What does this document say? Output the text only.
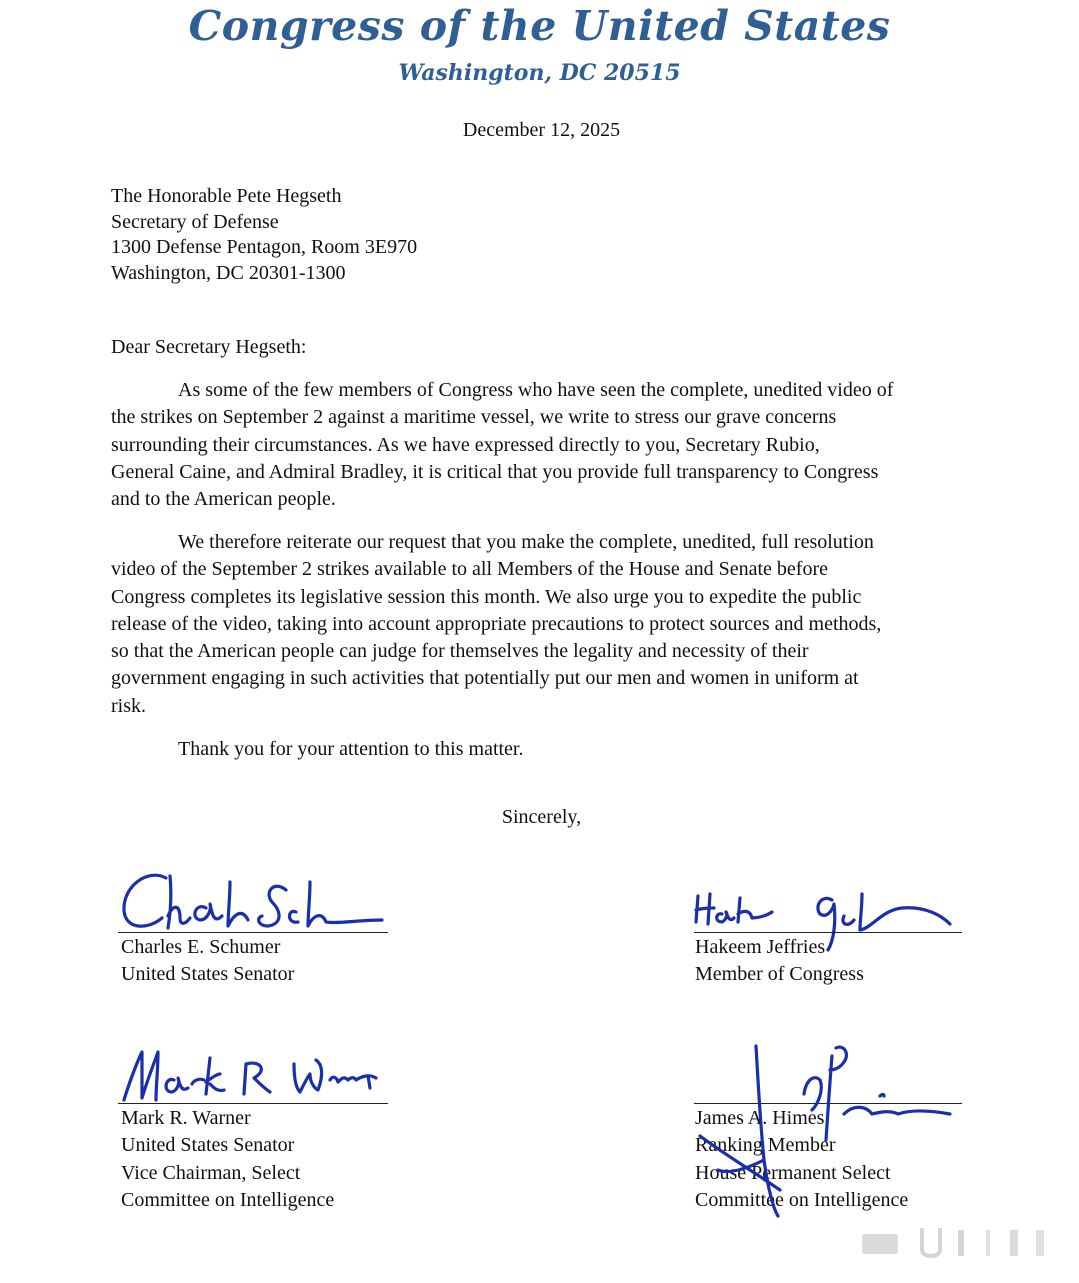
Congress of the United States
Washington, DC 20515
December 12, 2025
The Honorable Pete Hegseth
Secretary of Defense
1300 Defense Pentagon, Room 3E970
Washington, DC 20301-1300
Dear Secretary Hegseth:
As some of the few members of Congress who have seen the complete, unedited video of
the strikes on September 2 against a maritime vessel, we write to stress our grave concerns
surrounding their circumstances. As we have expressed directly to you, Secretary Rubio,
General Caine, and Admiral Bradley, it is critical that you provide full transparency to Congress
and to the American people.
We therefore reiterate our request that you make the complete, unedited, full resolution
video of the September 2 strikes available to all Members of the House and Senate before
Congress completes its legislative session this month. We also urge you to expedite the public
release of the video, taking into account appropriate precautions to protect sources and methods,
so that the American people can judge for themselves the legality and necessity of their
government engaging in such activities that potentially put our men and women in uniform at
risk.
Thank you for your attention to this matter.
Sincerely,
Charles E. Schumer
United States Senator
Hakeem Jeffries
Member of Congress
Mark R. Warner
United States Senator
Vice Chairman, Select
Committee on Intelligence
James A. Himes
Ranking Member
House Permanent Select
Committee on Intelligence
